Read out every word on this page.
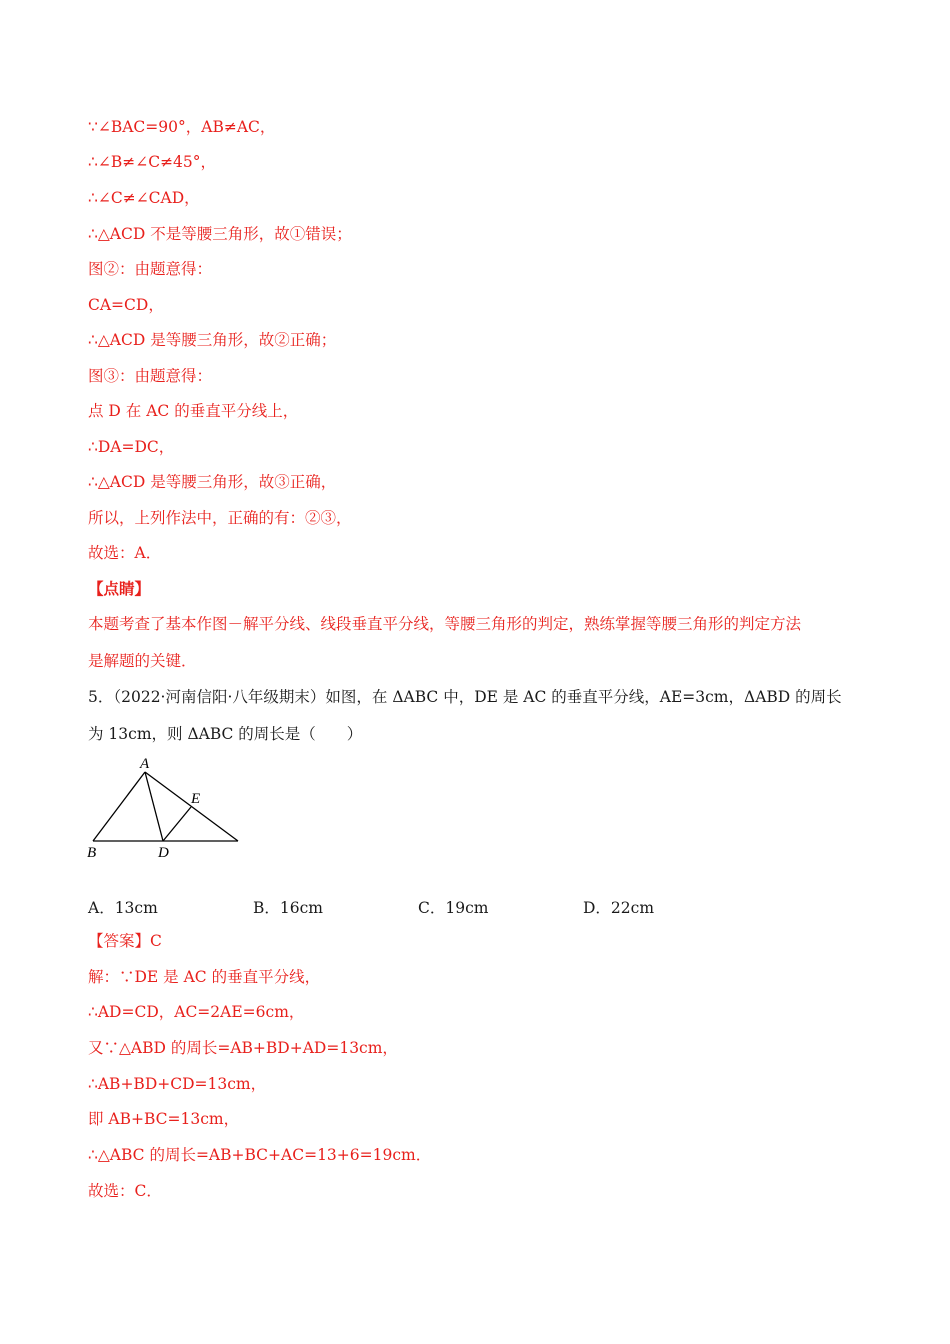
∵∠BAC=90°，AB≠AC，
∴∠B≠∠C≠45°，
∴∠C≠∠CAD，
∴△ACD 不是等腰三角形，故①错误；
图②：由题意得：
CA=CD，
∴△ACD 是等腰三角形，故②正确；
图③：由题意得：
点 D 在 AC 的垂直平分线上，
∴DA=DC，
∴△ACD 是等腰三角形，故③正确，
所以，上列作法中，正确的有：②③，
故选：A．
【点睛】
本题考查了基本作图－解平分线、线段垂直平分线，等腰三角形的判定，熟练掌握等腰三角形的判定方法
是解题的关键．
5．（2022·河南信阳·八年级期末）如图，在 ΔABC 中，DE 是 AC 的垂直平分线，AE=3cm，ΔABD 的周长
为 13cm，则 ΔABC 的周长是（　　）
A
B	D
E
A．13cm	B．16cm	C．19cm	D．22cm
【答案】C
解：∵DE 是 AC 的垂直平分线，
∴AD=CD，AC=2AE=6cm，
又∵△ABD 的周长=AB+BD+AD=13cm，
∴AB+BD+CD=13cm，
即 AB+BC=13cm，
∴△ABC 的周长=AB+BC+AC=13+6=19cm．
故选：C．
